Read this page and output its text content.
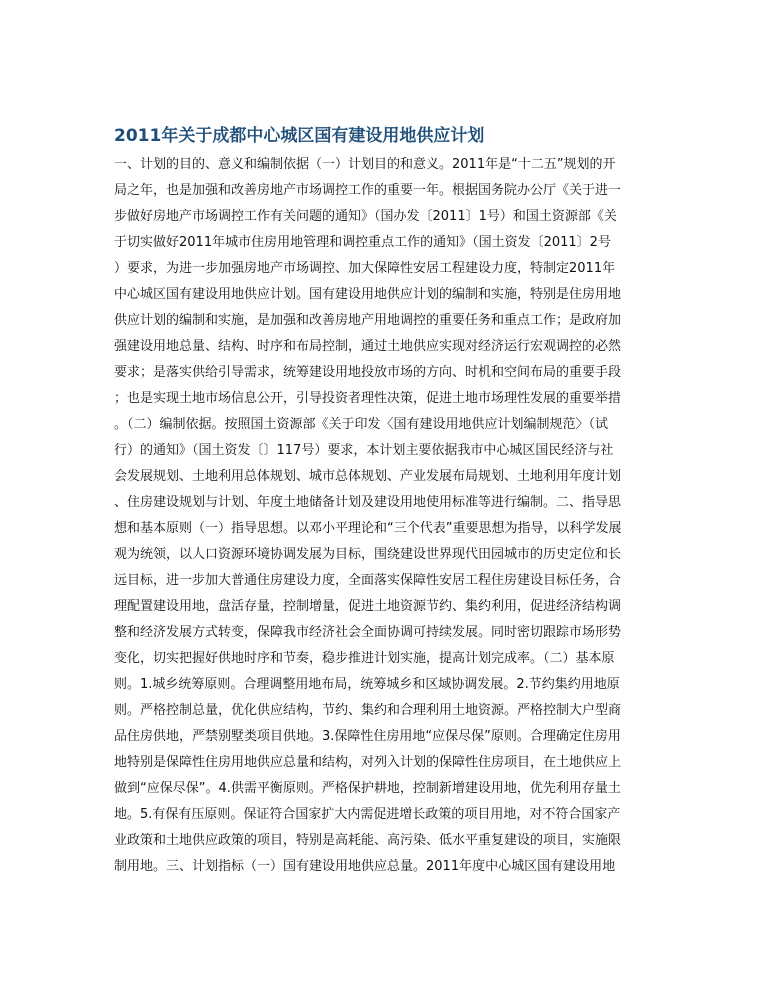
2011年关于成都中心城区国有建设用地供应计划
一、计划的目的、意义和编制依据（一）计划目的和意义。2011年是“十二五”规划的开
局之年，也是加强和改善房地产市场调控工作的重要一年。根据国务院办公厅《关于进一
步做好房地产市场调控工作有关问题的通知》（国办发〔2011〕1号）和国土资源部《关
于切实做好2011年城市住房用地管理和调控重点工作的通知》（国土资发〔2011〕2号
）要求，为进一步加强房地产市场调控、加大保障性安居工程建设力度，特制定2011年
中心城区国有建设用地供应计划。国有建设用地供应计划的编制和实施，特别是住房用地
供应计划的编制和实施，是加强和改善房地产用地调控的重要任务和重点工作；是政府加
强建设用地总量、结构、时序和布局控制，通过土地供应实现对经济运行宏观调控的必然
要求；是落实供给引导需求，统筹建设用地投放市场的方向、时机和空间布局的重要手段
；也是实现土地市场信息公开，引导投资者理性决策，促进土地市场理性发展的重要举措
。（二）编制依据。按照国土资源部《关于印发〈国有建设用地供应计划编制规范〉（试
行）的通知》（国土资发〔〕117号）要求，本计划主要依据我市中心城区国民经济与社
会发展规划、土地利用总体规划、城市总体规划、产业发展布局规划、土地利用年度计划
、住房建设规划与计划、年度土地储备计划及建设用地使用标准等进行编制。二、指导思
想和基本原则（一）指导思想。以邓小平理论和“三个代表”重要思想为指导，以科学发展
观为统领，以人口资源环境协调发展为目标，围绕建设世界现代田园城市的历史定位和长
远目标，进一步加大普通住房建设力度，全面落实保障性安居工程住房建设目标任务，合
理配置建设用地，盘活存量，控制增量，促进土地资源节约、集约利用，促进经济结构调
整和经济发展方式转变，保障我市经济社会全面协调可持续发展。同时密切跟踪市场形势
变化，切实把握好供地时序和节奏，稳步推进计划实施，提高计划完成率。（二）基本原
则。1.城乡统筹原则。合理调整用地布局，统筹城乡和区域协调发展。2.节约集约用地原
则。严格控制总量，优化供应结构，节约、集约和合理利用土地资源。严格控制大户型商
品住房供地，严禁别墅类项目供地。3.保障性住房用地“应保尽保”原则。合理确定住房用
地特别是保障性住房用地供应总量和结构，对列入计划的保障性住房项目，在土地供应上
做到“应保尽保”。4.供需平衡原则。严格保护耕地，控制新增建设用地，优先利用存量土
地。5.有保有压原则。保证符合国家扩大内需促进增长政策的项目用地，对不符合国家产
业政策和土地供应政策的项目，特别是高耗能、高污染、低水平重复建设的项目，实施限
制用地。三、计划指标（一）国有建设用地供应总量。2011年度中心城区国有建设用地
